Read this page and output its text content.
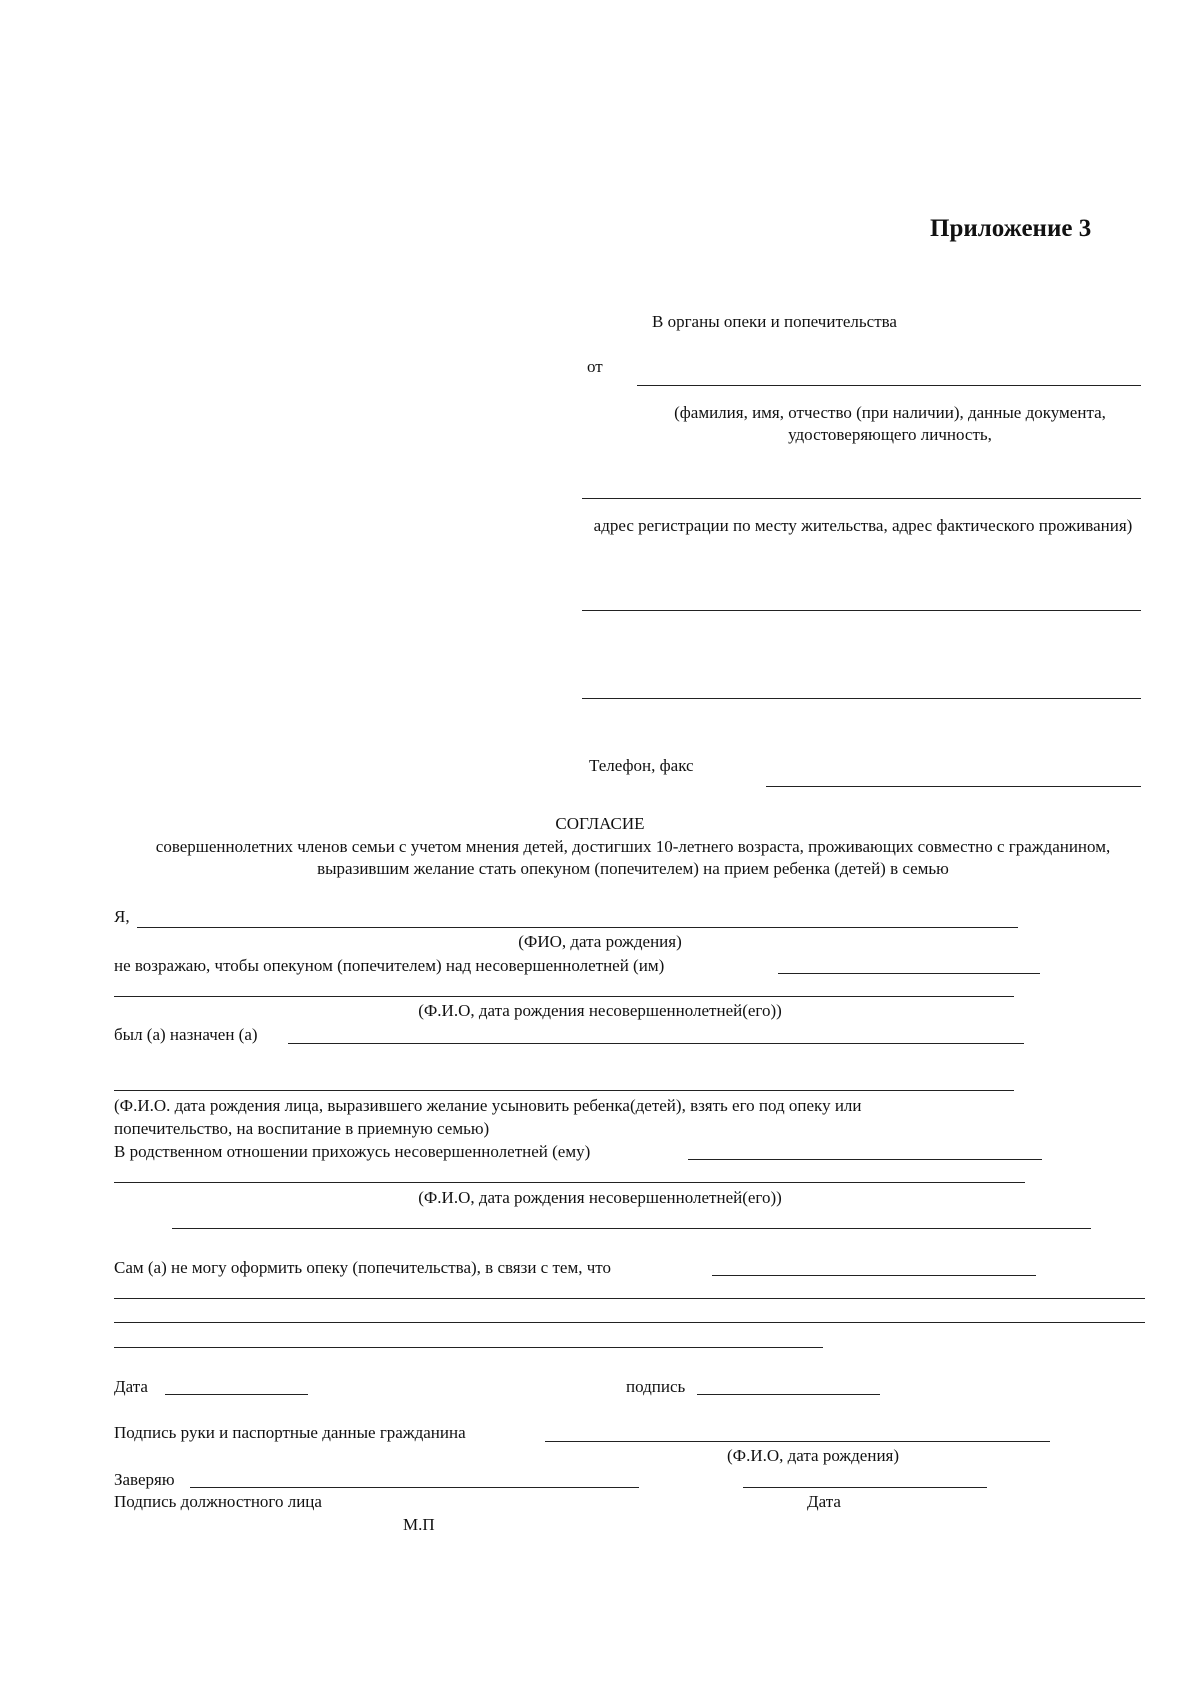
Приложение 3
В органы опеки и попечительства
от
(фамилия, имя, отчество (при наличии), данные документа, удостоверяющего личность,
адрес регистрации по месту жительства, адрес фактического проживания)
Телефон, факс
СОГЛАСИЕ
совершеннолетних членов семьи с учетом мнения детей, достигших 10-летнего возраста, проживающих совместно с гражданином, выразившим желание стать опекуном (попечителем) на прием ребенка (детей) в семью
Я,
(ФИО, дата рождения)
не возражаю, чтобы опекуном (попечителем) над несовершеннолетней (им)
(Ф.И.О, дата рождения несовершеннолетней(его))
был (а) назначен (а)
(Ф.И.О. дата рождения лица, выразившего желание усыновить ребенка(детей), взять его под опеку или
попечительство, на воспитание в приемную семью)
В родственном отношении прихожусь несовершеннолетней (ему)
(Ф.И.О, дата рождения несовершеннолетней(его))
Сам (а) не могу оформить опеку (попечительства), в связи с тем, что
Дата	подпись
Подпись руки и паспортные данные гражданина
(Ф.И.О, дата рождения)
Заверяю
Подпись должностного лица	Дата
М.П
